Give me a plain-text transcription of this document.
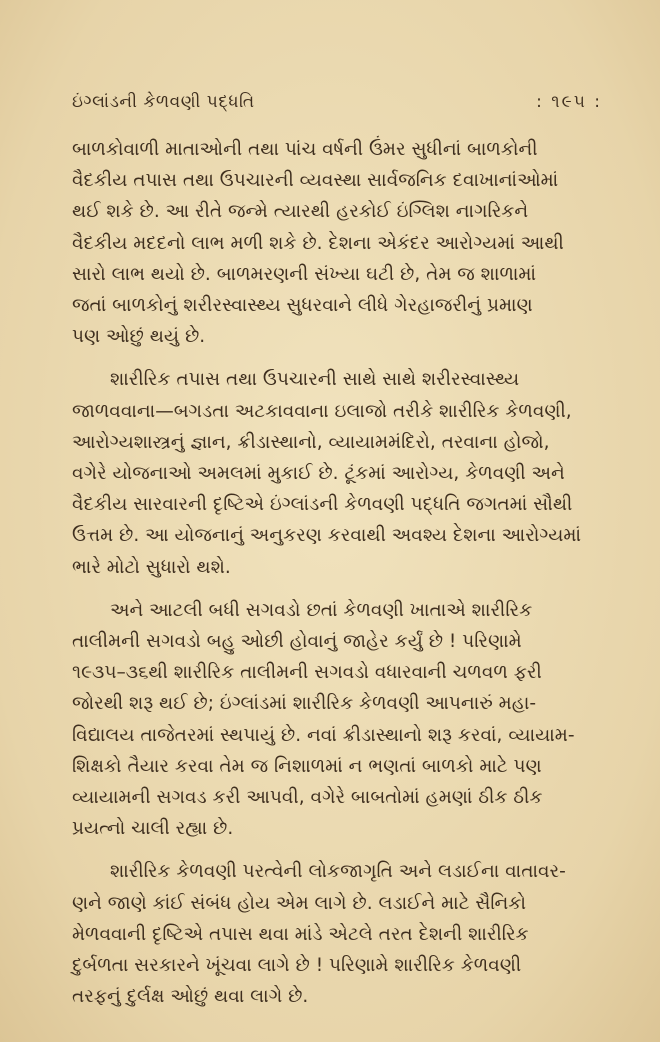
ઇંગ્લાંડની કેળવણી પદ્ધતિ	: ૧૯૫ :
બાળકોવાળી માતાઓની તથા પાંચ વર્ષની ઉંમર સુધીનાં બાળકોની
વૈદકીય તપાસ તથા ઉપચારની વ્યવસ્થા સાર્વજનિક દવાખાનાંઓમાં
થઈ શકે છે. આ રીતે જન્મે ત્યારથી હરકોઈ ઇંગ્લિશ નાગરિકને
વૈદકીય મદદનો લાભ મળી શકે છે. દેશના એકંદર આરોગ્યમાં આથી
સારો લાભ થયો છે. બાળમરણની સંખ્યા ઘટી છે, તેમ જ શાળામાં
જતાં બાળકોનું શરીરસ્વાસ્થ્ય સુધરવાને લીધે ગેરહાજરીનું પ્રમાણ
પણ ઓછું થયું છે.
શારીરિક તપાસ તથા ઉપચારની સાથે સાથે શરીરસ્વાસ્થ્ય
જાળવવાના—બગડતા અટકાવવાના ઇલાજો તરીકે શારીરિક કેળવણી,
આરોગ્યશાસ્ત્રનું જ્ઞાન, ક્રીડાસ્થાનો, વ્યાયામમંદિરો, તરવાના હોજો,
વગેરે યોજનાઓ અમલમાં મુકાઈ છે. ટૂંકમાં આરોગ્ય, કેળવણી અને
વૈદકીય સારવારની દૃષ્ટિએ ઇંગ્લાંડની કેળવણી પદ્ધતિ જગતમાં સૌથી
ઉત્તમ છે. આ યોજનાનું અનુકરણ કરવાથી અવશ્ય દેશના આરોગ્યમાં
ભારે મોટો સુધારો થશે.
અને આટલી બધી સગવડો છતાં કેળવણી ખાતાએ શારીરિક
તાલીમની સગવડો બહુ ઓછી હોવાનું જાહેર કર્યું છે ! પરિણામે
૧૯૩૫–૩૬થી શારીરિક તાલીમની સગવડો વધારવાની ચળવળ ફરી
જોરથી શરૂ થઈ છે; ઇંગ્લાંડમાં શારીરિક કેળવણી આપનારું મહા-
વિદ્યાલય તાજેતરમાં સ્થપાયું છે. નવાં ક્રીડાસ્થાનો શરૂ કરવાં, વ્યાયામ-
શિક્ષકો તૈયાર કરવા તેમ જ નિશાળમાં ન ભણતાં બાળકો માટે પણ
વ્યાયામની સગવડ કરી આપવી, વગેરે બાબતોમાં હમણાં ઠીક ઠીક
પ્રયત્નો ચાલી રહ્યા છે.
શારીરિક કેળવણી પરત્વેની લોકજાગૃતિ અને લડાઈના વાતાવર-
ણને જાણે કાંઈ સંબંધ હોય એમ લાગે છે. લડાઈને માટે સૈનિકો
મેળવવાની દૃષ્ટિએ તપાસ થવા માંડે એટલે તરત દેશની શારીરિક
દુર્બળતા સરકારને ખૂંચવા લાગે છે ! પરિણામે શારીરિક કેળવણી
તરફનું દુર્લક્ષ ઓછું થવા લાગે છે.
